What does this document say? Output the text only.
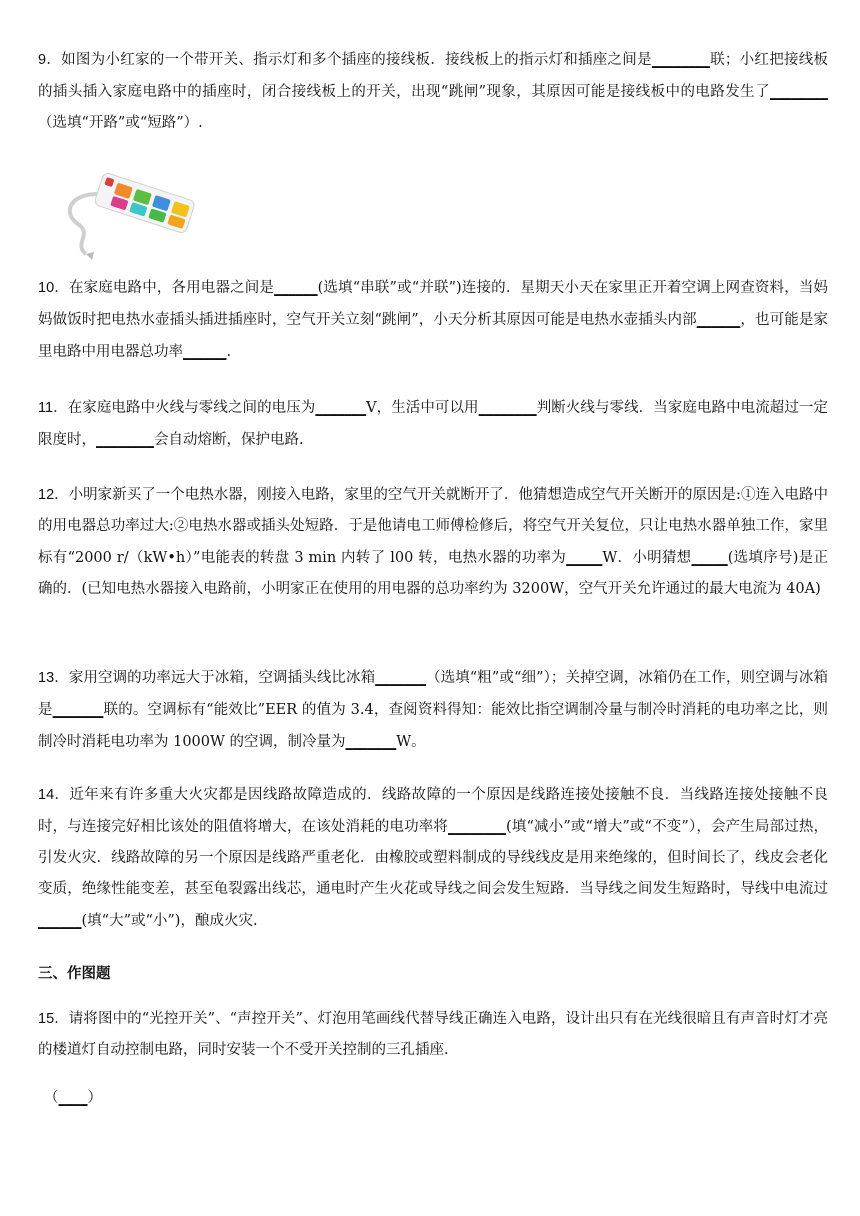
9．如图为小红家的一个带开关、指示灯和多个插座的接线板．接线板上的指示灯和插座之间是________联；小红把接线板的插头插入家庭电路中的插座时，闭合接线板上的开关，出现“跳闸”现象，其原因可能是接线板中的电路发生了________（选填“开路”或“短路”）.

10．在家庭电路中，各用电器之间是______(选填“串联”或“并联”)连接的．星期天小天在家里正开着空调上网查资料，当妈妈做饭时把电热水壶插头插进插座时，空气开关立刻“跳闸”，小天分析其原因可能是电热水壶插头内部______，也可能是家里电路中用电器总功率______.

11．在家庭电路中火线与零线之间的电压为_______V，生活中可以用________判断火线与零线．当家庭电路中电流超过一定限度时，________会自动熔断，保护电路.

12．小明家新买了一个电热水器，刚接入电路，家里的空气开关就断开了．他猜想造成空气开关断开的原因是:①连入电路中的用电器总功率过大:②电热水器或插头处短路．于是他请电工师傅检修后，将空气开关复位，只让电热水器单独工作，家里标有“2000 r/（kW•h）”电能表的转盘 3 min 内转了 l00 转，电热水器的功率为_____W．小明猜想_____(选填序号)是正确的．(已知电热水器接入电路前，小明家正在使用的用电器的总功率约为 3200W，空气开关允许通过的最大电流为 40A)

13．家用空调的功率远大于冰箱，空调插头线比冰箱_______（选填“粗”或“细”）；关掉空调，冰箱仍在工作，则空调与冰箱是_______联的。空调标有“能效比”EER 的值为 3.4，查阅资料得知：能效比指空调制冷量与制冷时消耗的电功率之比，则制冷时消耗电功率为 1000W 的空调，制冷量为_______W。

14．近年来有许多重大火灾都是因线路故障造成的．线路故障的一个原因是线路连接处接触不良．当线路连接处接触不良时，与连接完好相比该处的阻值将增大，在该处消耗的电功率将________(填“减小”或“增大”或“不变”），会产生局部过热，引发火灾．线路故障的另一个原因是线路严重老化．由橡胶或塑料制成的导线线皮是用来绝缘的，但时间长了，线皮会老化变质，绝缘性能变差，甚至龟裂露出线芯，通电时产生火花或导线之间会发生短路．当导线之间发生短路时，导线中电流过______(填“大”或“小”)，酿成火灾.

三、作图题

15．请将图中的“光控开关”、“声控开关”、灯泡用笔画线代替导线正确连入电路，设计出只有在光线很暗且有声音时灯才亮的楼道灯自动控制电路，同时安装一个不受开关控制的三孔插座.

（____）
